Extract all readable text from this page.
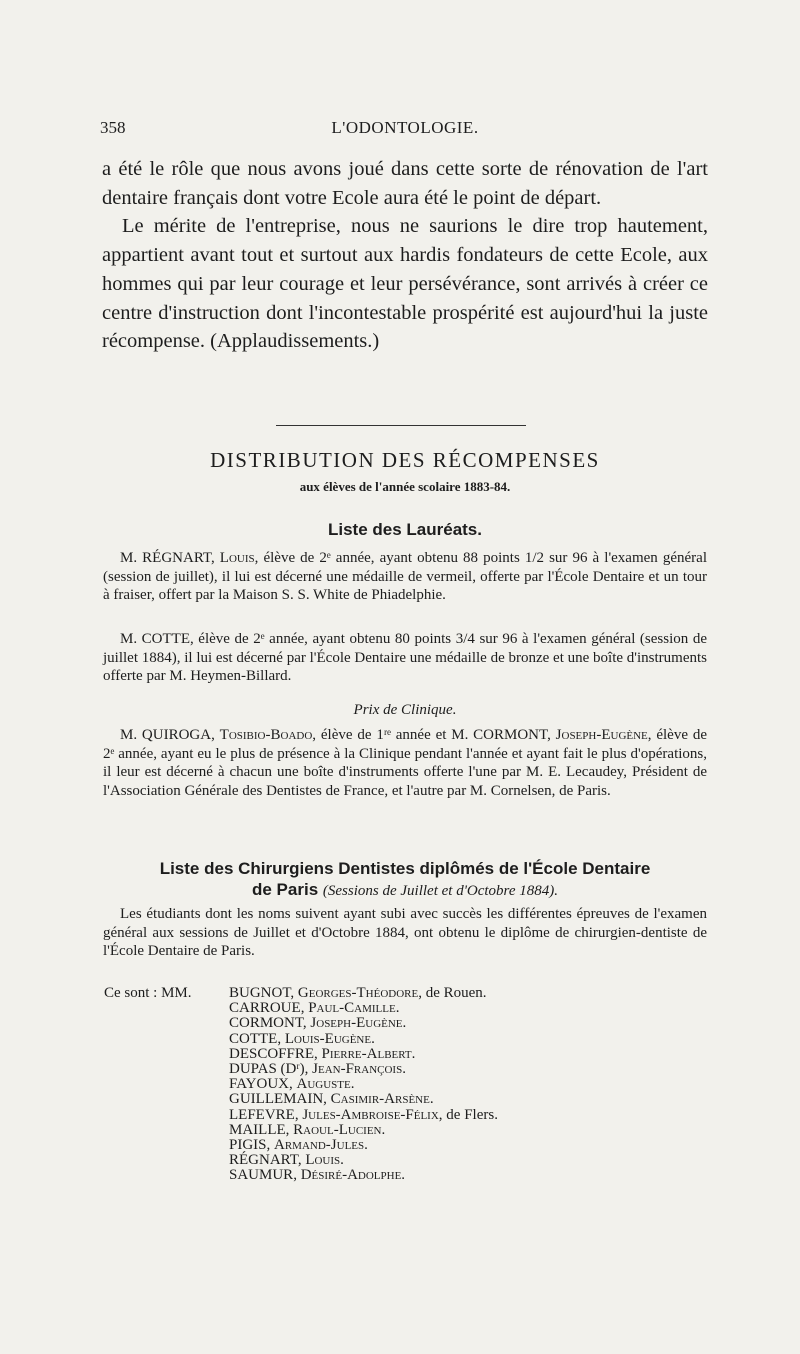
358	L'ODONTOLOGIE.

a été le rôle que nous avons joué dans cette sorte de rénovation de l'art dentaire français dont votre Ecole aura été le point de départ.

Le mérite de l'entreprise, nous ne saurions le dire trop hautement, appartient avant tout et surtout aux hardis fondateurs de cette Ecole, aux hommes qui par leur courage et leur persévérance, sont arrivés à créer ce centre d'instruction dont l'incontestable prospérité est aujourd'hui la juste récompense. (Applaudissements.)

DISTRIBUTION DES RÉCOMPENSES
aux élèves de l'année scolaire 1883-84.
Liste des Lauréats.

M. RÉGNART, Louis, élève de 2ᵉ année, ayant obtenu 88 points 1/2 sur 96 à l'examen général (session de juillet), il lui est décerné une médaille de vermeil, offerte par l'École Dentaire et un tour à fraiser, offert par la Maison S. S. White de Phiadelphie.

M. COTTE, élève de 2ᵉ année, ayant obtenu 80 points 3/4 sur 96 à l'examen général (session de juillet 1884), il lui est décerné par l'École Dentaire une médaille de bronze et une boîte d'instruments offerte par M. Heymen-Billard.

Prix de Clinique.

M. QUIROGA, Tosibio-Boado, élève de 1ʳᵉ année et M. CORMONT, Joseph-Eugène, élève de 2ᵉ année, ayant eu le plus de présence à la Clinique pendant l'année et ayant fait le plus d'opérations, il leur est décerné à chacun une boîte d'instruments offerte l'une par M. E. Lecaudey, Président de l'Association Générale des Dentistes de France, et l'autre par M. Cornelsen, de Paris.

Liste des Chirurgiens Dentistes diplômés de l'École Dentaire
de Paris (Sessions de Juillet et d'Octobre 1884).

Les étudiants dont les noms suivent ayant subi avec succès les différentes épreuves de l'examen général aux sessions de Juillet et d'Octobre 1884, ont obtenu le diplôme de chirurgien-dentiste de l'École Dentaire de Paris.

Ce sont : MM.	BUGNOT, Georges-Théodore, de Rouen.
CARROUE, Paul-Camille.
CORMONT, Joseph-Eugène.
COTTE, Louis-Eugène.
DESCOFFRE, Pierre-Albert.
DUPAS (Dʳ), Jean-François.
FAYOUX, Auguste.
GUILLEMAIN, Casimir-Arsène.
LEFEVRE, Jules-Ambroise-Félix, de Flers.
MAILLE, Raoul-Lucien.
PIGIS, Armand-Jules.
RÉGNART, Louis.
SAUMUR, Désiré-Adolphe.
